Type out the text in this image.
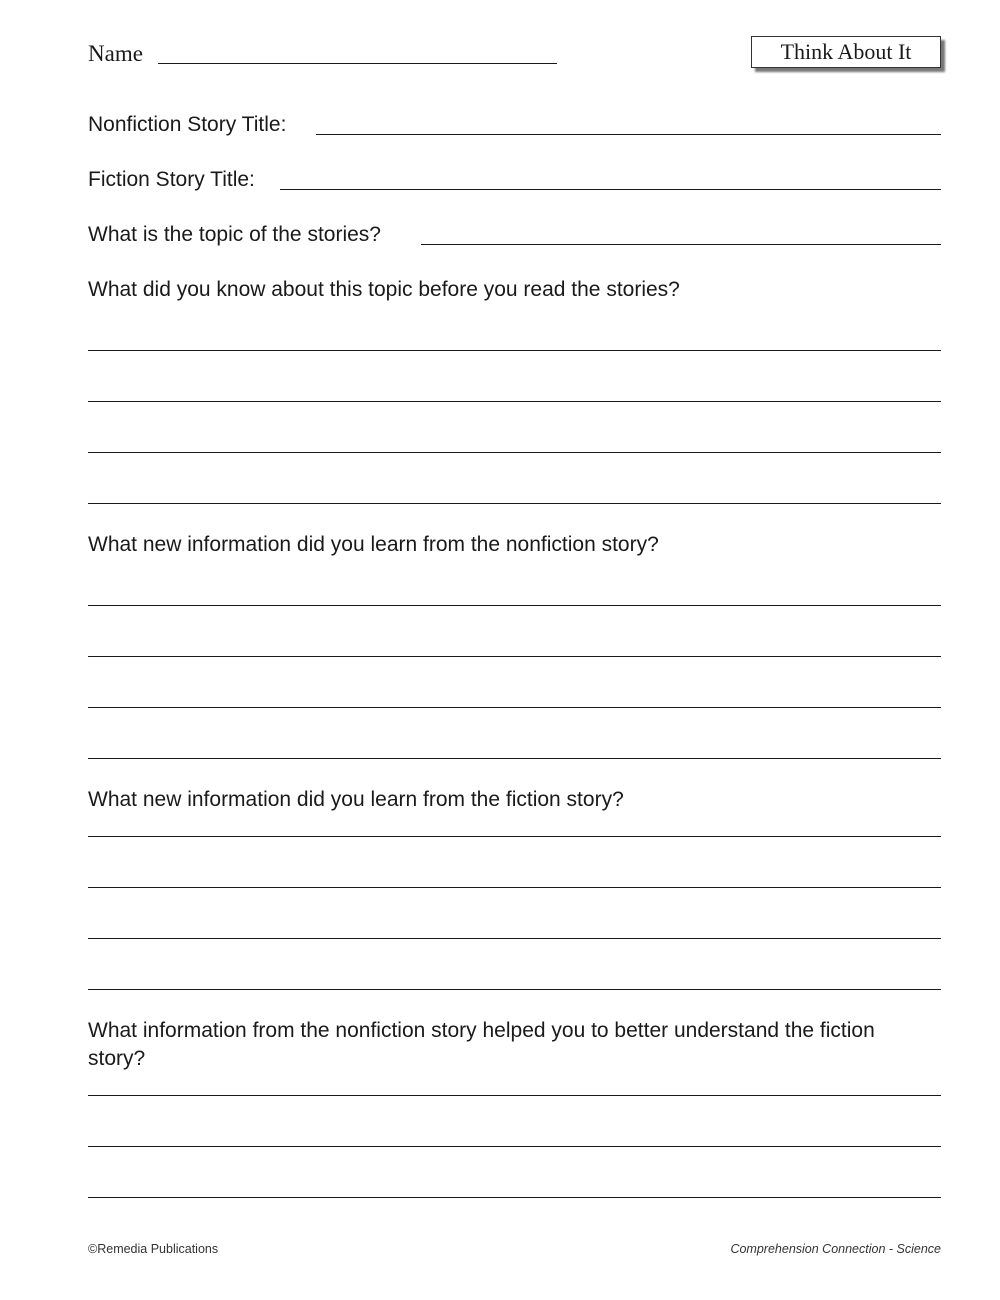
Name	Think About It
Nonfiction Story Title:
Fiction Story Title:
What is the topic of the stories?
What did you know about this topic before you read the stories?
What new information did you learn from the nonfiction story?
What new information did you learn from the fiction story?
What information from the nonfiction story helped you to better understand the fiction story?
©Remedia Publications	Comprehension Connection - Science
